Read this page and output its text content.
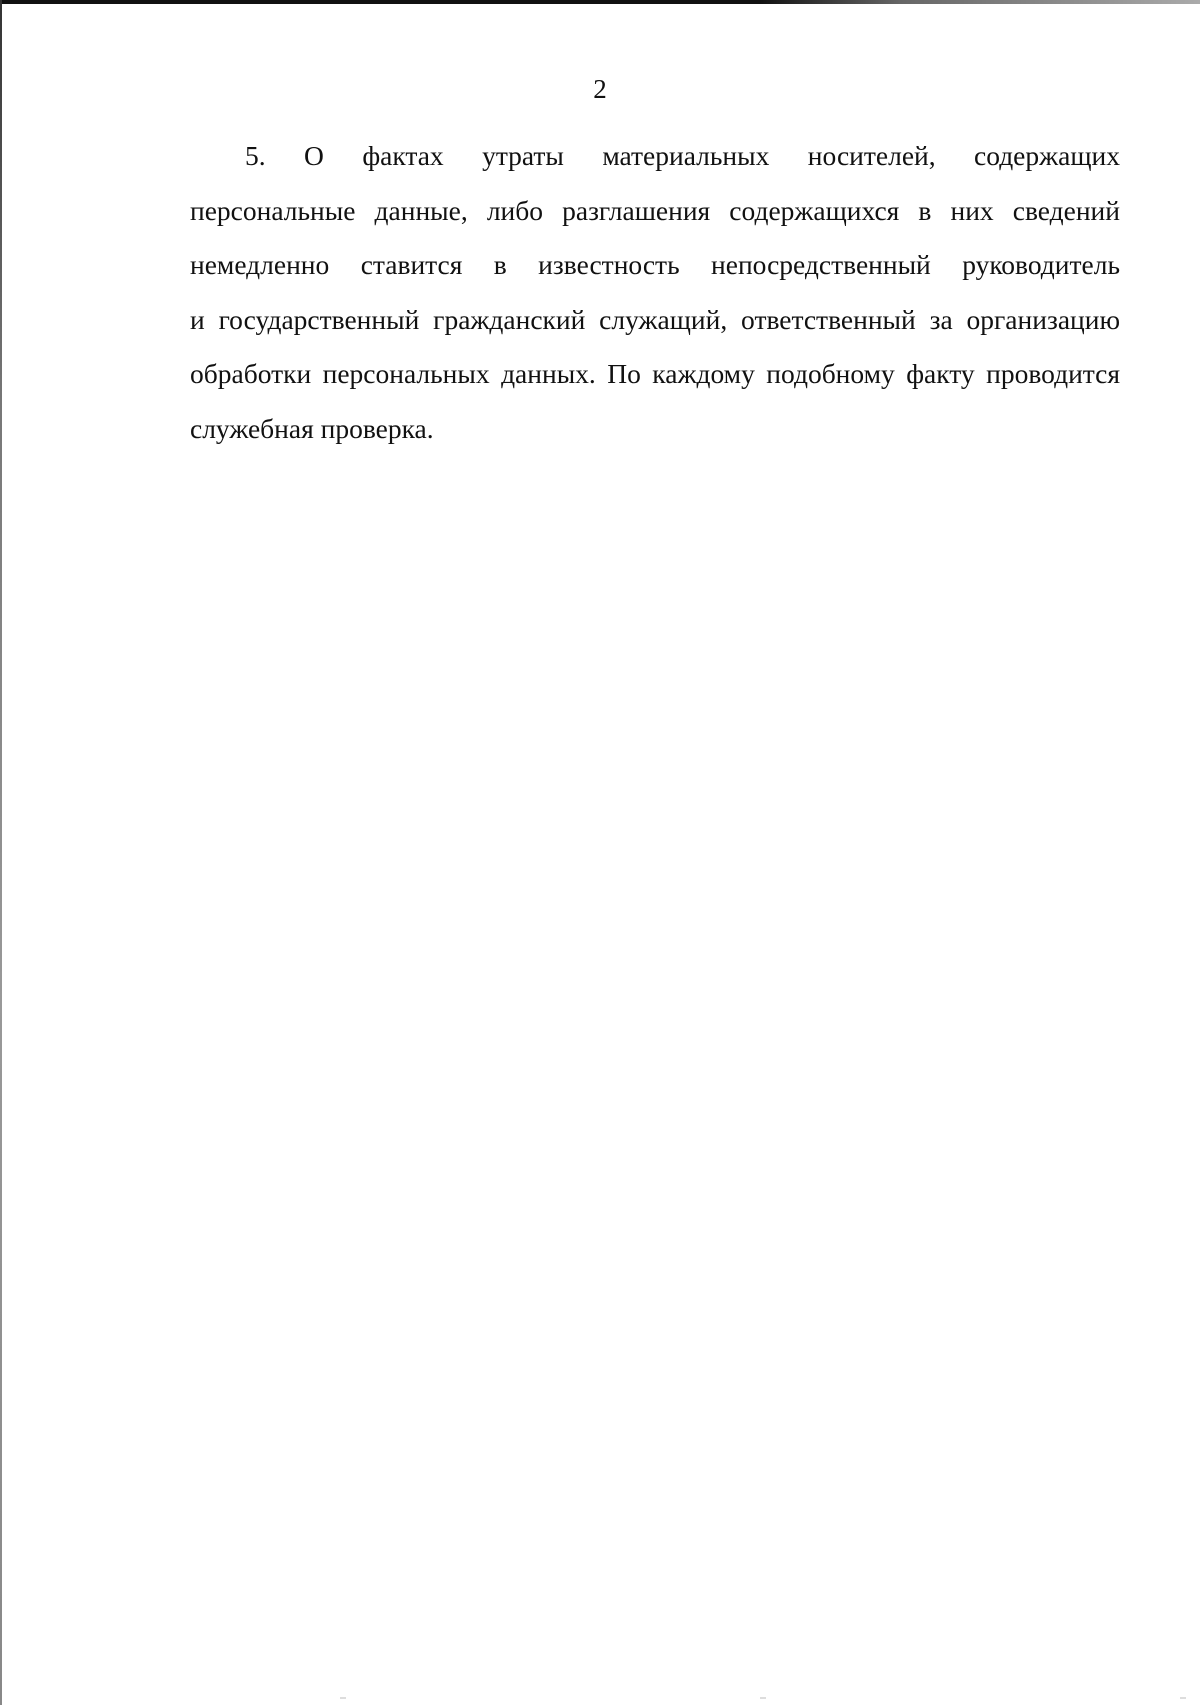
2
5. О фактах утраты материальных носителей, содержащих
персональные данные, либо разглашения содержащихся в них сведений
немедленно ставится в известность непосредственный руководитель
и государственный гражданский служащий, ответственный за организацию
обработки персональных данных. По каждому подобному факту проводится
служебная проверка.
